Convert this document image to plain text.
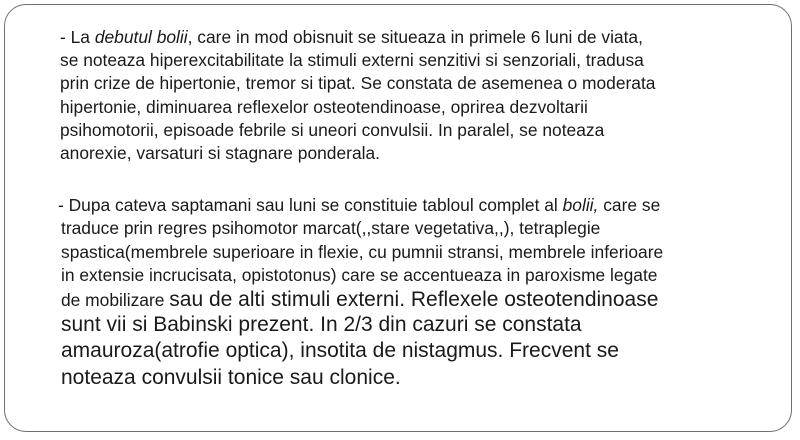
- La debutul bolii, care in mod obisnuit se situeaza in primele 6 luni de viata,
se noteaza hiperexcitabilitate la stimuli externi senzitivi si senzoriali, tradusa
prin crize de hipertonie, tremor si tipat. Se constata de asemenea o moderata
hipertonie, diminuarea reflexelor osteotendinoase, oprirea dezvoltarii
psihomotorii, episoade febrile si uneori convulsii. In paralel, se noteaza
anorexie, varsaturi si stagnare ponderala.
- Dupa cateva saptamani sau luni se constituie tabloul complet al bolii, care se
traduce prin regres psihomotor marcat(,,stare vegetativa,,), tetraplegie
spastica(membrele superioare in flexie, cu pumnii stransi, membrele inferioare
in extensie incrucisata, opistotonus) care se accentueaza in paroxisme legate
de mobilizare sau de alti stimuli externi. Reflexele osteotendinoase
sunt vii si Babinski prezent. In 2/3 din cazuri se constata
amauroza(atrofie optica), insotita de nistagmus. Frecvent se
noteaza convulsii tonice sau clonice.
